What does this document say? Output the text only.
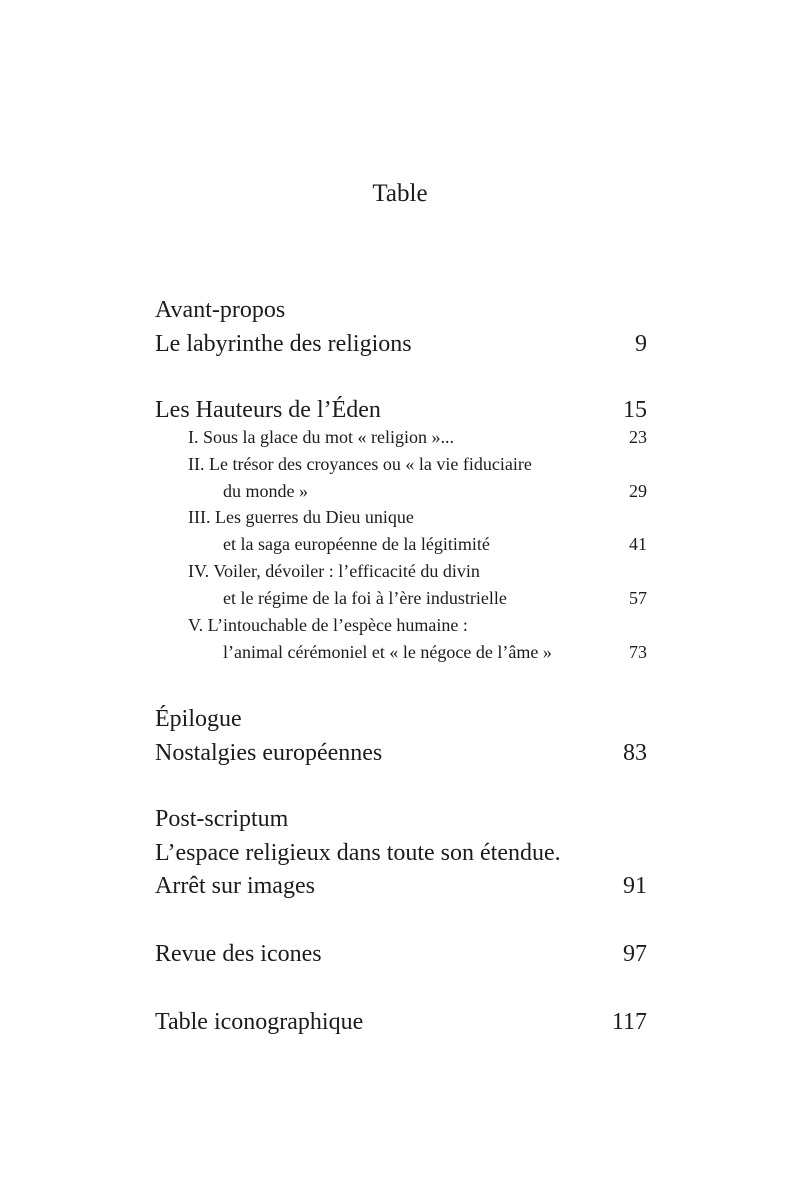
Table
Avant-propos
Le labyrinthe des religions	9
Les Hauteurs de l’Éden	15
I. Sous la glace du mot « religion »...	23
II. Le trésor des croyances ou « la vie fiduciaire
du monde »	29
III. Les guerres du Dieu unique
et la saga européenne de la légitimité	41
IV. Voiler, dévoiler : l’efficacité du divin
et le régime de la foi à l’ère industrielle	57
V. L’intouchable de l’espèce humaine :
l’animal cérémoniel et « le négoce de l’âme »	73
Épilogue
Nostalgies européennes	83
Post-scriptum
L’espace religieux dans toute son étendue.
Arrêt sur images	91
Revue des icones	97
Table iconographique	117
